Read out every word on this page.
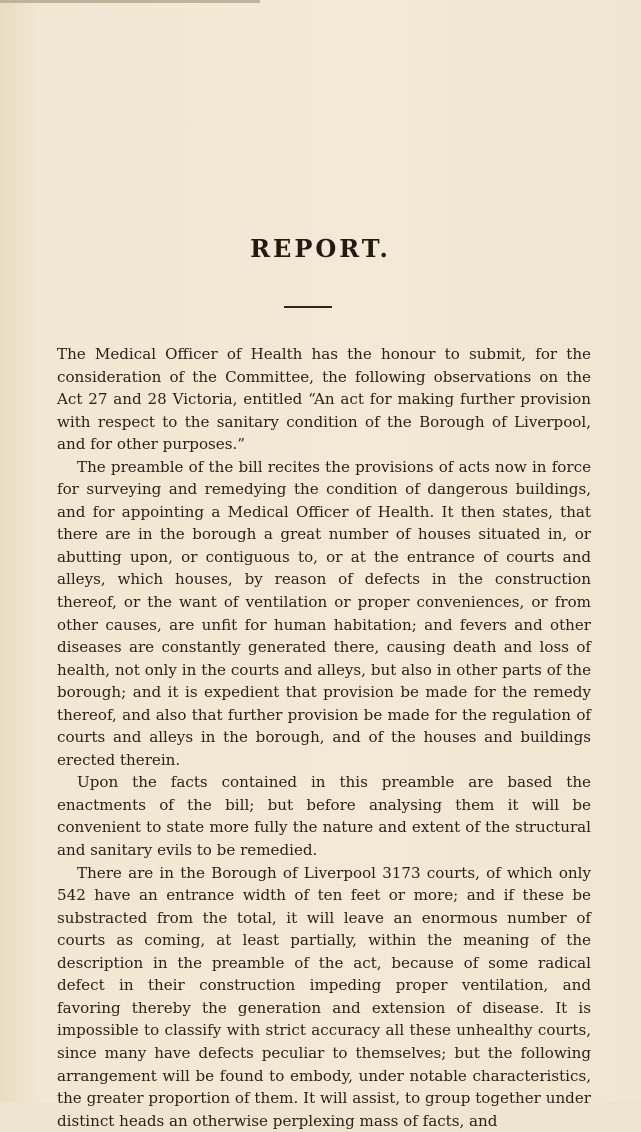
REPORT.

The Medical Officer of Health has the honour to submit, for the consideration of the Committee, the following observations on the Act 27 and 28 Victoria, entitled “An act for making further provision with respect to the sanitary condition of the Borough of Liverpool, and for other purposes.”

The preamble of the bill recites the provisions of acts now in force for surveying and remedying the condition of dangerous buildings, and for appointing a Medical Officer of Health. It then states, that there are in the borough a great number of houses situated in, or abutting upon, or contiguous to, or at the entrance of courts and alleys, which houses, by reason of defects in the construction thereof, or the want of ventilation or proper conveniences, or from other causes, are unfit for human habitation; and fevers and other diseases are constantly generated there, causing death and loss of health, not only in the courts and alleys, but also in other parts of the borough; and it is expedient that provision be made for the remedy thereof, and also that further provision be made for the regulation of courts and alleys in the borough, and of the houses and buildings erected therein.

Upon the facts contained in this preamble are based the enactments of the bill; but before analysing them it will be convenient to state more fully the nature and extent of the structural and sanitary evils to be remedied.

There are in the Borough of Liverpool 3173 courts, of which only 542 have an entrance width of ten feet or more; and if these be substracted from the total, it will leave an enormous number of courts as coming, at least partially, within the meaning of the description in the preamble of the act, because of some radical defect in their construction impeding proper ventilation, and favoring thereby the generation and extension of disease. It is impossible to classify with strict accuracy all these unhealthy courts, since many have defects peculiar to themselves; but the following arrangement will be found to embody, under notable characteristics, the greater proportion of them. It will assist, to group together under distinct heads an otherwise perplexing mass of facts, and
